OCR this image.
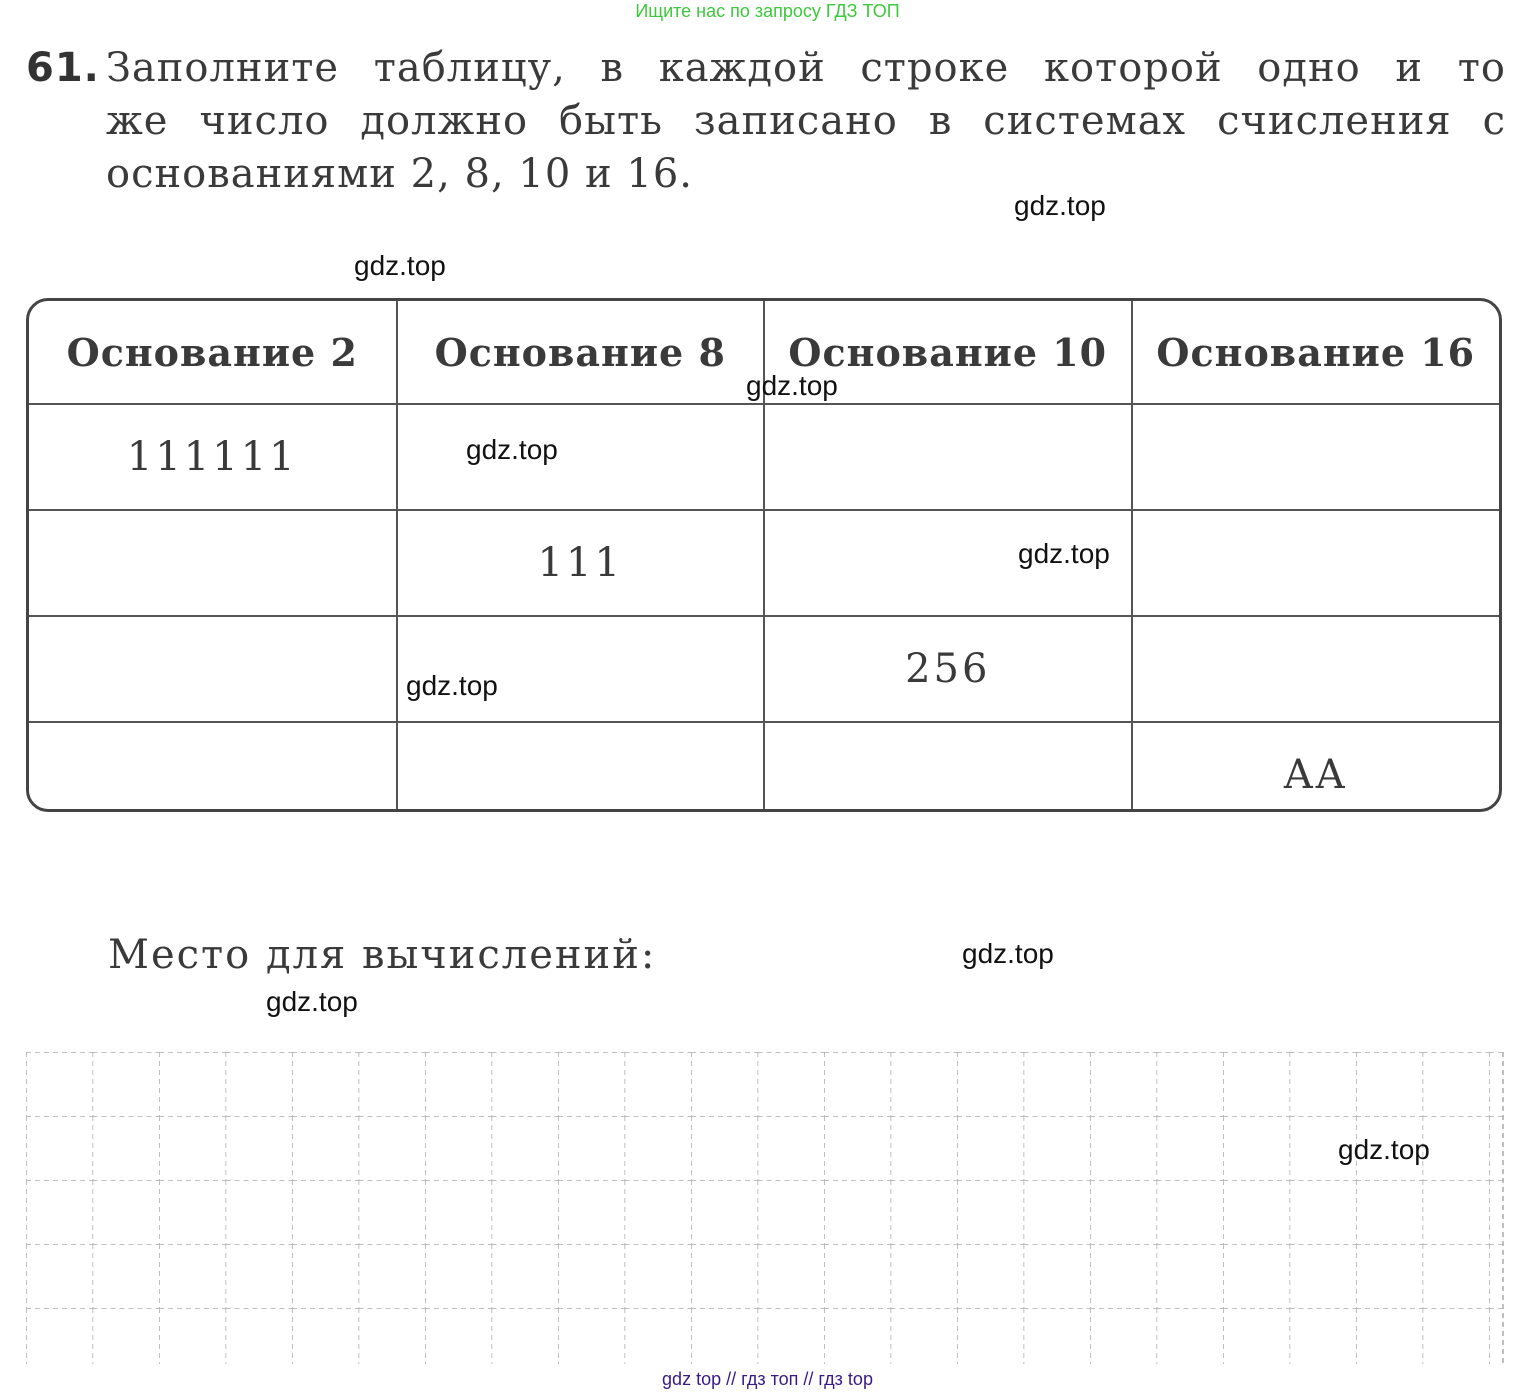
Ищите нас по запросу ГДЗ ТОП
61. Заполните таблицу, в каждой строке которой одно и то
же число должно быть записано в системах счисления с
основаниями 2, 8, 10 и 16.
Основание 2	Основание 8	Основание 10	Основание 16
111111			
	111		
		256	
			AA
Место для вычислений:
gdz.top
gdz.top
gdz.top
gdz.top
gdz.top
gdz.top
gdz.top
gdz.top
gdz.top
gdz top // гдз топ // гдз top
